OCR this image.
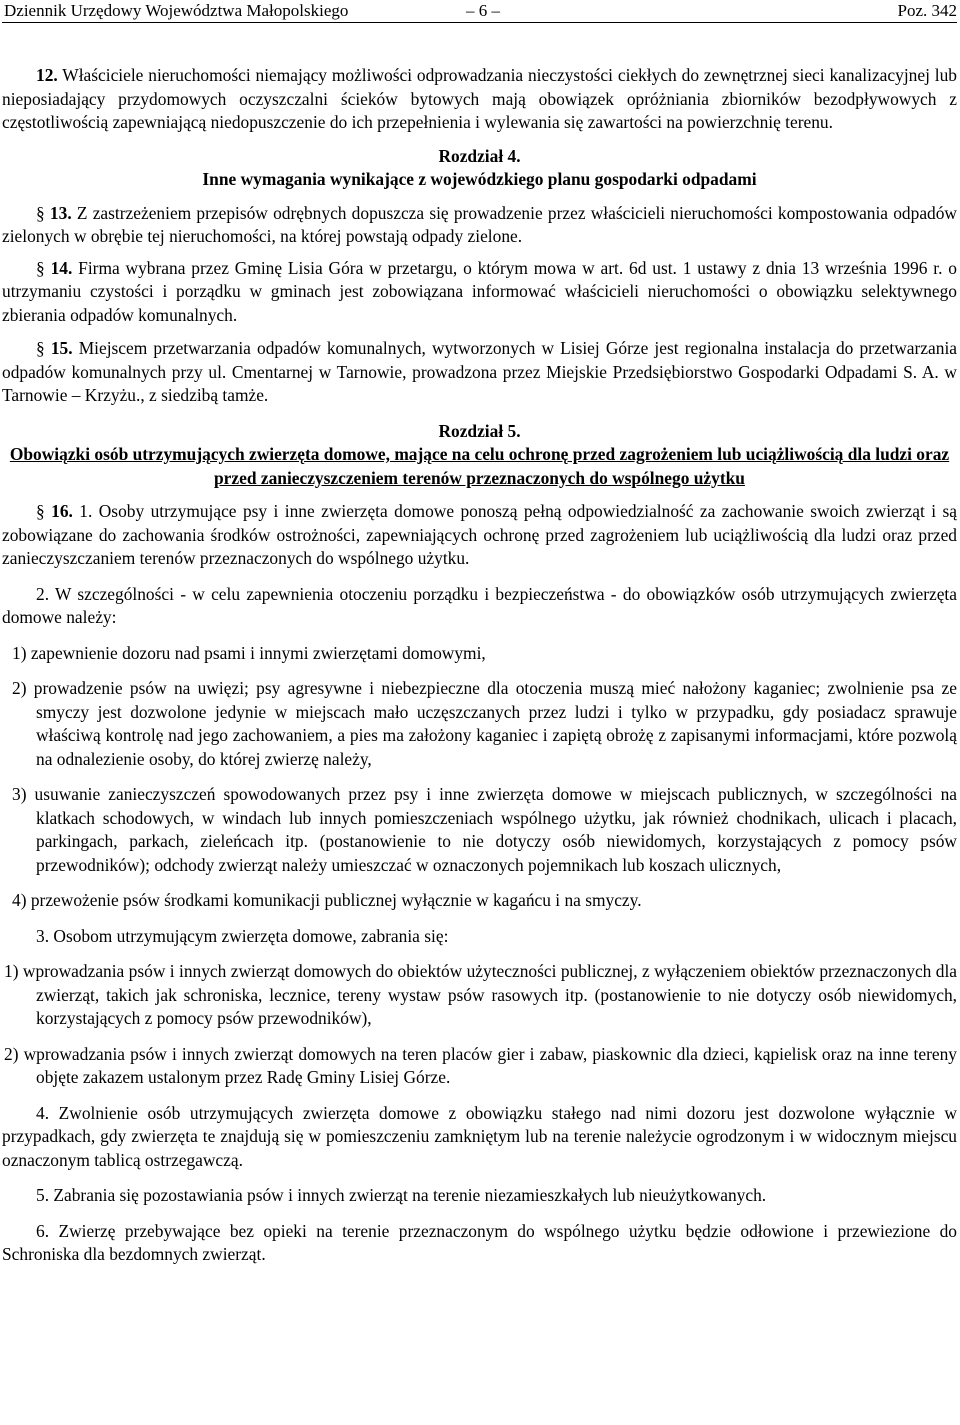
Dziennik Urzędowy Województwa Małopolskiego	– 6 –	Poz. 342

12. Właściciele nieruchomości niemający możliwości odprowadzania nieczystości ciekłych do zewnętrznej sieci kanalizacyjnej lub nieposiadający przydomowych oczyszczalni ścieków bytowych mają obowiązek opróżniania zbiorników bezodpływowych z częstotliwością zapewniającą niedopuszczenie do ich przepełnienia i wylewania się zawartości na powierzchnię terenu.

Rozdział 4.
Inne wymagania wynikające z wojewódzkiego planu gospodarki odpadami

§ 13. Z zastrzeżeniem przepisów odrębnych dopuszcza się prowadzenie przez właścicieli nieruchomości kompostowania odpadów zielonych w obrębie tej nieruchomości, na której powstają odpady zielone.

§ 14. Firma wybrana przez Gminę Lisia Góra w przetargu, o którym mowa w art. 6d ust. 1 ustawy z dnia 13 września 1996 r. o utrzymaniu czystości i porządku w gminach jest zobowiązana informować właścicieli nieruchomości o obowiązku selektywnego zbierania odpadów komunalnych.

§ 15. Miejscem przetwarzania odpadów komunalnych, wytworzonych w Lisiej Górze jest regionalna instalacja do przetwarzania odpadów komunalnych przy ul. Cmentarnej w Tarnowie, prowadzona przez Miejskie Przedsiębiorstwo Gospodarki Odpadami S. A. w Tarnowie – Krzyżu., z siedzibą tamże.

Rozdział 5.
Obowiązki osób utrzymujących zwierzęta domowe, mające na celu ochronę przed zagrożeniem lub uciążliwością dla ludzi oraz przed zanieczyszczeniem terenów przeznaczonych do wspólnego użytku

§ 16. 1. Osoby utrzymujące psy i inne zwierzęta domowe ponoszą pełną odpowiedzialność za zachowanie swoich zwierząt i są zobowiązane do zachowania środków ostrożności, zapewniających ochronę przed zagrożeniem lub uciążliwością dla ludzi oraz przed zanieczyszczaniem terenów przeznaczonych do wspólnego użytku.

2. W szczególności - w celu zapewnienia otoczeniu porządku i bezpieczeństwa - do obowiązków osób utrzymujących zwierzęta domowe należy:

1) zapewnienie dozoru nad psami i innymi zwierzętami domowymi,

2) prowadzenie psów na uwięzi; psy agresywne i niebezpieczne dla otoczenia muszą mieć nałożony kaganiec; zwolnienie psa ze smyczy jest dozwolone jedynie w miejscach mało uczęszczanych przez ludzi i tylko w przypadku, gdy posiadacz sprawuje właściwą kontrolę nad jego zachowaniem, a pies ma założony kaganiec i zapiętą obrożę z zapisanymi informacjami, które pozwolą na odnalezienie osoby, do której zwierzę należy,

3) usuwanie zanieczyszczeń spowodowanych przez psy i inne zwierzęta domowe w miejscach publicznych, w szczególności na klatkach schodowych, w windach lub innych pomieszczeniach wspólnego użytku, jak również chodnikach, ulicach i placach, parkingach, parkach, zieleńcach itp. (postanowienie to nie dotyczy osób niewidomych, korzystających z pomocy psów przewodników); odchody zwierząt należy umieszczać w oznaczonych pojemnikach lub koszach ulicznych,

4) przewożenie psów środkami komunikacji publicznej wyłącznie w kagańcu i na smyczy.

3. Osobom utrzymującym zwierzęta domowe, zabrania się:

1) wprowadzania psów i innych zwierząt domowych do obiektów użyteczności publicznej, z wyłączeniem obiektów przeznaczonych dla zwierząt, takich jak schroniska, lecznice, tereny wystaw psów rasowych itp. (postanowienie to nie dotyczy osób niewidomych, korzystających z pomocy psów przewodników),

2) wprowadzania psów i innych zwierząt domowych na teren placów gier i zabaw, piaskownic dla dzieci, kąpielisk oraz na inne tereny objęte zakazem ustalonym przez Radę Gminy Lisiej Górze.

4. Zwolnienie osób utrzymujących zwierzęta domowe z obowiązku stałego nad nimi dozoru jest dozwolone wyłącznie w przypadkach, gdy zwierzęta te znajdują się w pomieszczeniu zamkniętym lub na terenie należycie ogrodzonym i w widocznym miejscu oznaczonym tablicą ostrzegawczą.

5. Zabrania się pozostawiania psów i innych zwierząt na terenie niezamieszkałych lub nieużytkowanych.

6. Zwierzę przebywające bez opieki na terenie przeznaczonym do wspólnego użytku będzie odłowione i przewiezione do Schroniska dla bezdomnych zwierząt.
